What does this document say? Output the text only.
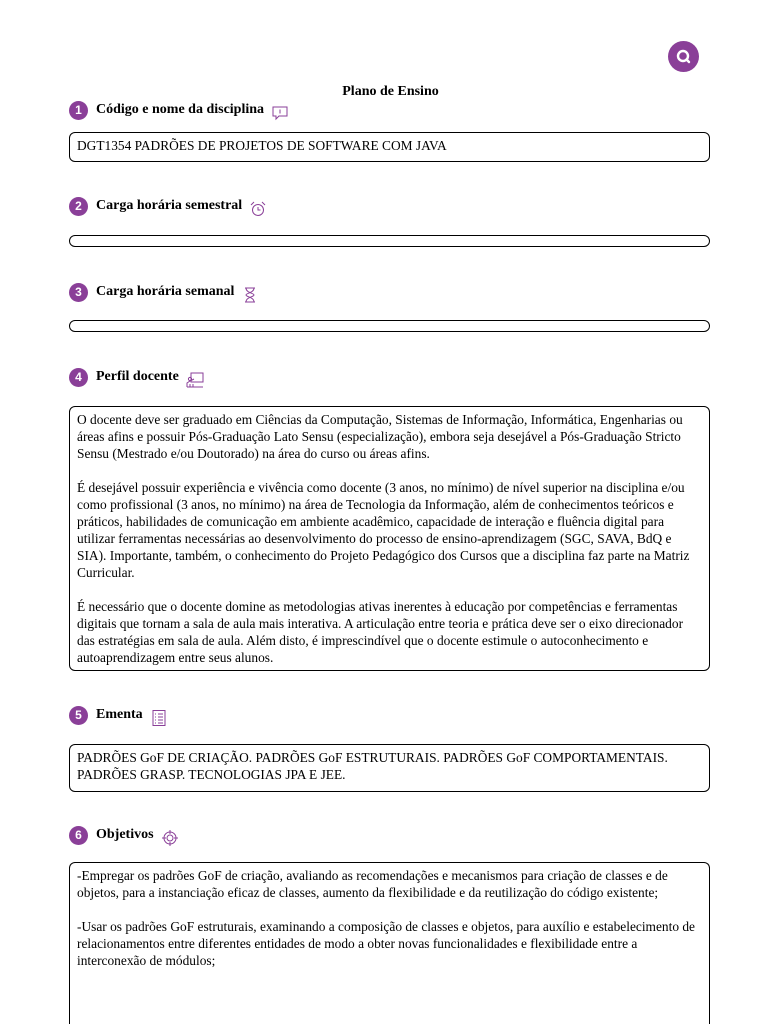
Plano de Ensino
1	Código e nome da disciplina

DGT1354 PADRÕES DE PROJETOS DE SOFTWARE COM JAVA

2	Carga horária semestral
3	Carga horária semanal
4	Perfil docente

O docente deve ser graduado em Ciências da Computação, Sistemas de Informação, Informática, Engenharias ou áreas afins e possuir Pós-Graduação Lato Sensu (especialização), embora seja desejável a Pós-Graduação Stricto Sensu (Mestrado e/ou Doutorado) na área do curso ou áreas afins.

É desejável possuir experiência e vivência como docente (3 anos, no mínimo) de nível superior na disciplina e/ou como profissional (3 anos, no mínimo) na área de Tecnologia da Informação, além de conhecimentos teóricos e práticos, habilidades de comunicação em ambiente acadêmico, capacidade de interação e fluência digital para utilizar ferramentas necessárias ao desenvolvimento do processo de ensino-aprendizagem (SGC, SAVA, BdQ e SIA). Importante, também, o conhecimento do Projeto Pedagógico dos Cursos que a disciplina faz parte na Matriz Curricular.

É necessário que o docente domine as metodologias ativas inerentes à educação por competências e ferramentas digitais que tornam a sala de aula mais interativa. A articulação entre teoria e prática deve ser o eixo direcionador das estratégias em sala de aula. Além disto, é imprescindível que o docente estimule o autoconhecimento e autoaprendizagem entre seus alunos.

5	Ementa

PADRÕES GoF DE CRIAÇÃO. PADRÕES GoF ESTRUTURAIS. PADRÕES GoF COMPORTAMENTAIS. PADRÕES GRASP. TECNOLOGIAS JPA E JEE.

6	Objetivos

-Empregar os padrões GoF de criação, avaliando as recomendações e mecanismos para criação de classes e de objetos, para a instanciação eficaz de classes, aumento da flexibilidade e da reutilização do código existente;

-Usar os padrões GoF estruturais, examinando a composição de classes e objetos, para auxílio e estabelecimento de relacionamentos entre diferentes entidades de modo a obter novas funcionalidades e flexibilidade entre a interconexão de módulos;
